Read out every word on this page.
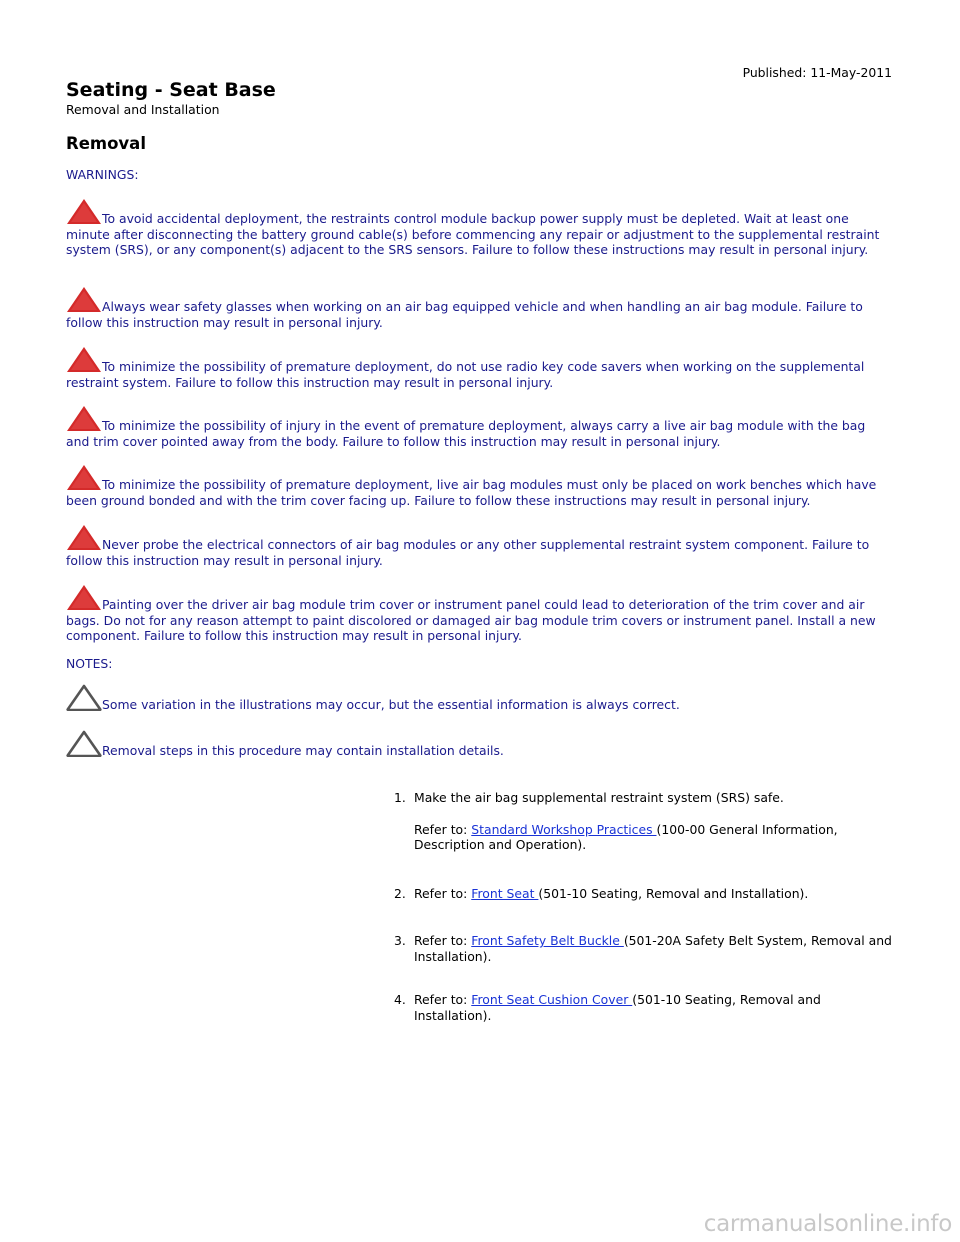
Published: 11-May-2011
Seating - Seat Base
Removal and Installation
Removal
WARNINGS:
To avoid accidental deployment, the restraints control module backup power supply must be depleted. Wait at least one minute after disconnecting the battery ground cable(s) before commencing any repair or adjustment to the supplemental restraint system (SRS), or any component(s) adjacent to the SRS sensors. Failure to follow these instructions may result in personal injury.
Always wear safety glasses when working on an air bag equipped vehicle and when handling an air bag module. Failure to follow this instruction may result in personal injury.
To minimize the possibility of premature deployment, do not use radio key code savers when working on the supplemental restraint system. Failure to follow this instruction may result in personal injury.
To minimize the possibility of injury in the event of premature deployment, always carry a live air bag module with the bag and trim cover pointed away from the body. Failure to follow this instruction may result in personal injury.
To minimize the possibility of premature deployment, live air bag modules must only be placed on work benches which have been ground bonded and with the trim cover facing up. Failure to follow these instructions may result in personal injury.
Never probe the electrical connectors of air bag modules or any other supplemental restraint system component. Failure to follow this instruction may result in personal injury.
Painting over the driver air bag module trim cover or instrument panel could lead to deterioration of the trim cover and air bags. Do not for any reason attempt to paint discolored or damaged air bag module trim covers or instrument panel. Install a new component. Failure to follow this instruction may result in personal injury.
NOTES:
Some variation in the illustrations may occur, but the essential information is always correct.
Removal steps in this procedure may contain installation details.
1. Make the air bag supplemental restraint system (SRS) safe.
Refer to: Standard Workshop Practices (100-00 General Information, Description and Operation).
2. Refer to: Front Seat (501-10 Seating, Removal and Installation).
3. Refer to: Front Safety Belt Buckle (501-20A Safety Belt System, Removal and Installation).
4. Refer to: Front Seat Cushion Cover (501-10 Seating, Removal and Installation).
carmanualsonline.info
